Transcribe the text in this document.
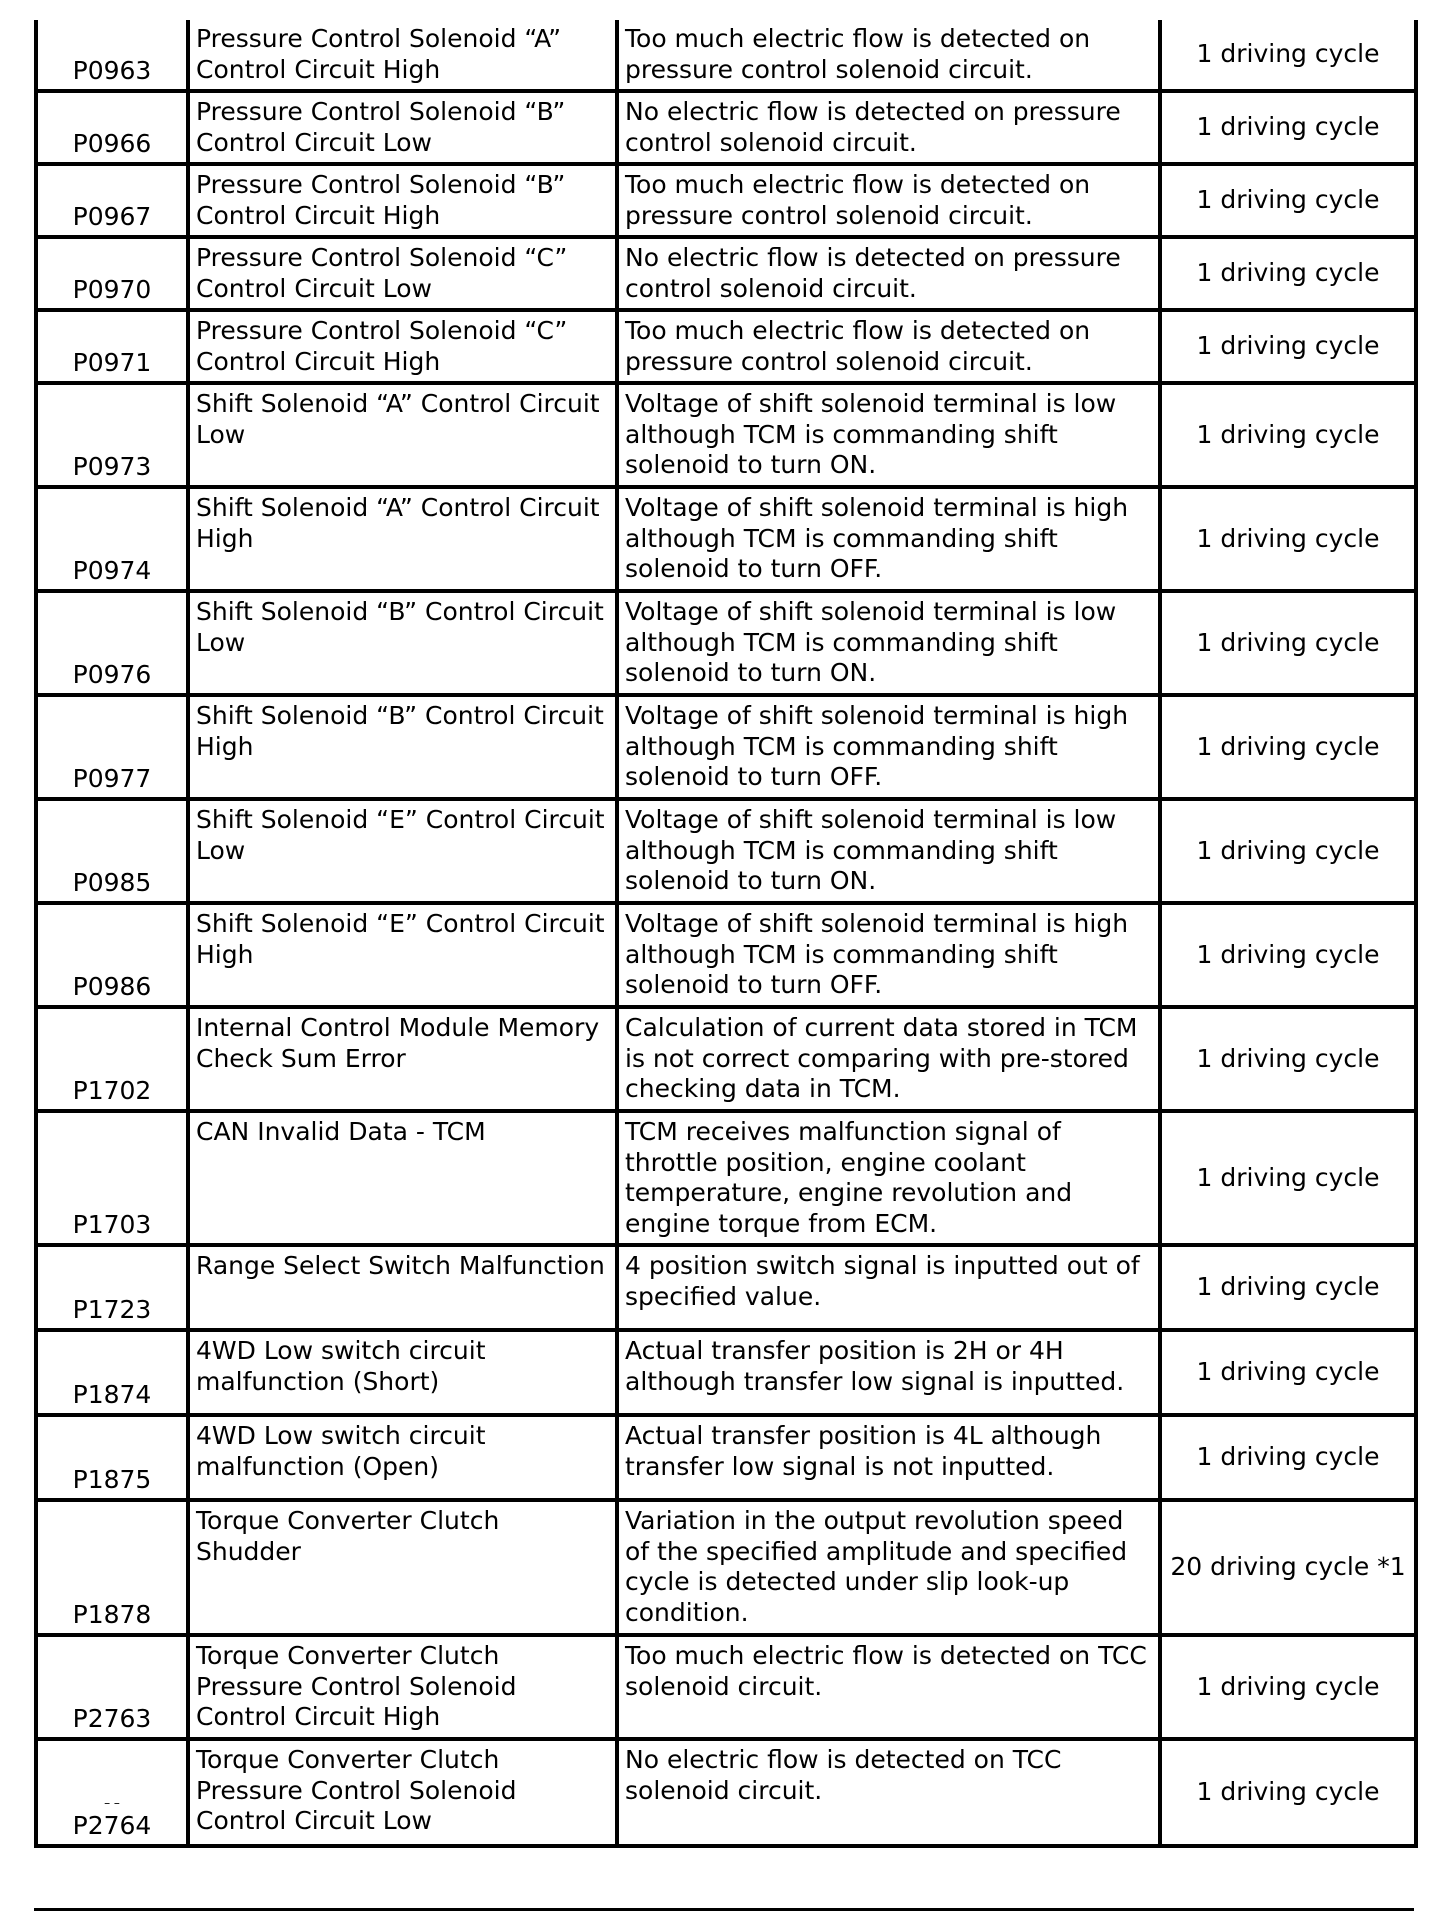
P0963	Pressure Control Solenoid “A” Control Circuit High	Too much electric flow is detected on pressure control solenoid circuit.	1 driving cycle
P0966	Pressure Control Solenoid “B” Control Circuit Low	No electric flow is detected on pressure control solenoid circuit.	1 driving cycle
P0967	Pressure Control Solenoid “B” Control Circuit High	Too much electric flow is detected on pressure control solenoid circuit.	1 driving cycle
P0970	Pressure Control Solenoid “C” Control Circuit Low	No electric flow is detected on pressure control solenoid circuit.	1 driving cycle
P0971	Pressure Control Solenoid “C” Control Circuit High	Too much electric flow is detected on pressure control solenoid circuit.	1 driving cycle
P0973	Shift Solenoid “A” Control Circuit Low	Voltage of shift solenoid terminal is low although TCM is commanding shift solenoid to turn ON.	1 driving cycle
P0974	Shift Solenoid “A” Control Circuit High	Voltage of shift solenoid terminal is high although TCM is commanding shift solenoid to turn OFF.	1 driving cycle
P0976	Shift Solenoid “B” Control Circuit Low	Voltage of shift solenoid terminal is low although TCM is commanding shift solenoid to turn ON.	1 driving cycle
P0977	Shift Solenoid “B” Control Circuit High	Voltage of shift solenoid terminal is high although TCM is commanding shift solenoid to turn OFF.	1 driving cycle
P0985	Shift Solenoid “E” Control Circuit Low	Voltage of shift solenoid terminal is low although TCM is commanding shift solenoid to turn ON.	1 driving cycle
P0986	Shift Solenoid “E” Control Circuit High	Voltage of shift solenoid terminal is high although TCM is commanding shift solenoid to turn OFF.	1 driving cycle
P1702	Internal Control Module Memory Check Sum Error	Calculation of current data stored in TCM is not correct comparing with pre-stored checking data in TCM.	1 driving cycle
P1703	CAN Invalid Data - TCM	TCM receives malfunction signal of throttle position, engine coolant temperature, engine revolution and engine torque from ECM.	1 driving cycle
P1723	Range Select Switch Malfunction	4 position switch signal is inputted out of specified value.	1 driving cycle
P1874	4WD Low switch circuit malfunction (Short)	Actual transfer position is 2H or 4H although transfer low signal is inputted.	1 driving cycle
P1875	4WD Low switch circuit malfunction (Open)	Actual transfer position is 4L although transfer low signal is not inputted.	1 driving cycle
P1878	Torque Converter Clutch Shudder	Variation in the output revolution speed of the specified amplitude and specified cycle is detected under slip look-up condition.	20 driving cycle *1
P2763	Torque Converter Clutch Pressure Control Solenoid Control Circuit High	Too much electric flow is detected on TCC solenoid circuit.	1 driving cycle

– –
P2764	Torque Converter Clutch Pressure Control Solenoid Control Circuit Low	No electric flow is detected on TCC solenoid circuit.	1 driving cycle
